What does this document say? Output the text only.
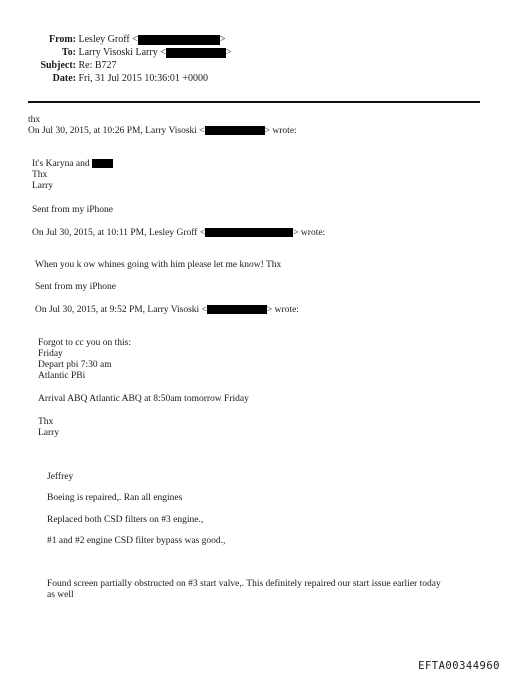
From: Lesley Groff <	>
To: Larry Visoski Larry <	>
Subject: Re: B727
Date: Fri, 31 Jul 2015 10:36:01 +0000
thx
On Jul 30, 2015, at 10:26 PM, Larry Visoski <	> wrote:
It's Karyna and
Thx
Larry
Sent from my iPhone
On Jul 30, 2015, at 10:11 PM, Lesley Groff <	> wrote:
When you k ow whines going with him please let me know! Thx
Sent from my iPhone
On Jul 30, 2015, at 9:52 PM, Larry Visoski <	> wrote:
Forgot to cc you on this:
Friday
Depart pbi 7:30 am
Atlantic PBi
Arrival ABQ Atlantic ABQ at 8:50am tomorrow Friday
Thx
Larry
Jeffrey
Boeing is repaired,. Ran all engines
Replaced both CSD filters on #3 engine.,
#1 and #2 engine CSD filter bypass was good.,
Found screen partially obstructed on #3 start valve,. This definitely repaired our start issue earlier today
as well
EFTA00344960
